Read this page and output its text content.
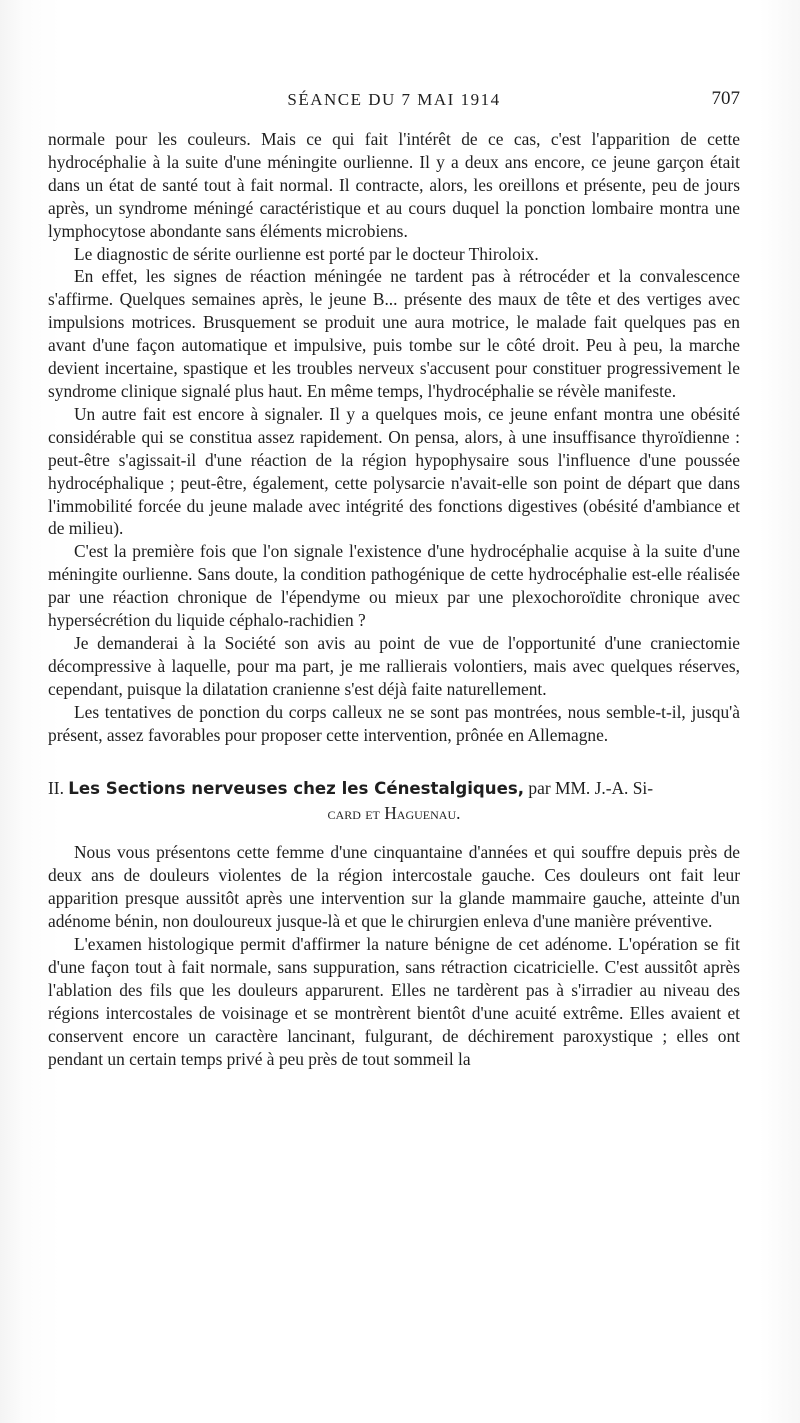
SÉANCE DU 7 MAI 1914	707

normale pour les couleurs. Mais ce qui fait l'intérêt de ce cas, c'est l'apparition de cette hydrocéphalie à la suite d'une méningite ourlienne. Il y a deux ans encore, ce jeune garçon était dans un état de santé tout à fait normal. Il contracte, alors, les oreillons et présente, peu de jours après, un syndrome méningé caractéristique et au cours duquel la ponction lombaire montra une lymphocytose abondante sans éléments microbiens.

Le diagnostic de sérite ourlienne est porté par le docteur Thiroloix.

En effet, les signes de réaction méningée ne tardent pas à rétrocéder et la convalescence s'affirme. Quelques semaines après, le jeune B... présente des maux de tête et des vertiges avec impulsions motrices. Brusquement se produit une aura motrice, le malade fait quelques pas en avant d'une façon automatique et impulsive, puis tombe sur le côté droit. Peu à peu, la marche devient incertaine, spastique et les troubles nerveux s'accusent pour constituer progressivement le syndrome clinique signalé plus haut. En même temps, l'hydrocéphalie se révèle manifeste.

Un autre fait est encore à signaler. Il y a quelques mois, ce jeune enfant montra une obésité considérable qui se constitua assez rapidement. On pensa, alors, à une insuffisance thyroïdienne : peut-être s'agissait-il d'une réaction de la région hypophysaire sous l'influence d'une poussée hydrocéphalique ; peut-être, également, cette polysarcie n'avait-elle son point de départ que dans l'immobilité forcée du jeune malade avec intégrité des fonctions digestives (obésité d'ambiance et de milieu).

C'est la première fois que l'on signale l'existence d'une hydrocéphalie acquise à la suite d'une méningite ourlienne. Sans doute, la condition pathogénique de cette hydrocéphalie est-elle réalisée par une réaction chronique de l'épendyme ou mieux par une plexochoroïdite chronique avec hypersécrétion du liquide céphalo-rachidien ?

Je demanderai à la Société son avis au point de vue de l'opportunité d'une craniectomie décompressive à laquelle, pour ma part, je me rallierais volontiers, mais avec quelques réserves, cependant, puisque la dilatation cranienne s'est déjà faite naturellement.

Les tentatives de ponction du corps calleux ne se sont pas montrées, nous semble-t-il, jusqu'à présent, assez favorables pour proposer cette intervention, prônée en Allemagne.

II. Les Sections nerveuses chez les Cénestalgiques, par MM. J.-A. Si-
card et Haguenau.

Nous vous présentons cette femme d'une cinquantaine d'années et qui souffre depuis près de deux ans de douleurs violentes de la région intercostale gauche. Ces douleurs ont fait leur apparition presque aussitôt après une intervention sur la glande mammaire gauche, atteinte d'un adénome bénin, non douloureux jusque-là et que le chirurgien enleva d'une manière préventive.

L'examen histologique permit d'affirmer la nature bénigne de cet adénome. L'opération se fit d'une façon tout à fait normale, sans suppuration, sans rétraction cicatricielle. C'est aussitôt après l'ablation des fils que les douleurs apparurent. Elles ne tardèrent pas à s'irradier au niveau des régions intercostales de voisinage et se montrèrent bientôt d'une acuité extrême. Elles avaient et conservent encore un caractère lancinant, fulgurant, de déchirement paroxystique ; elles ont pendant un certain temps privé à peu près de tout sommeil la
